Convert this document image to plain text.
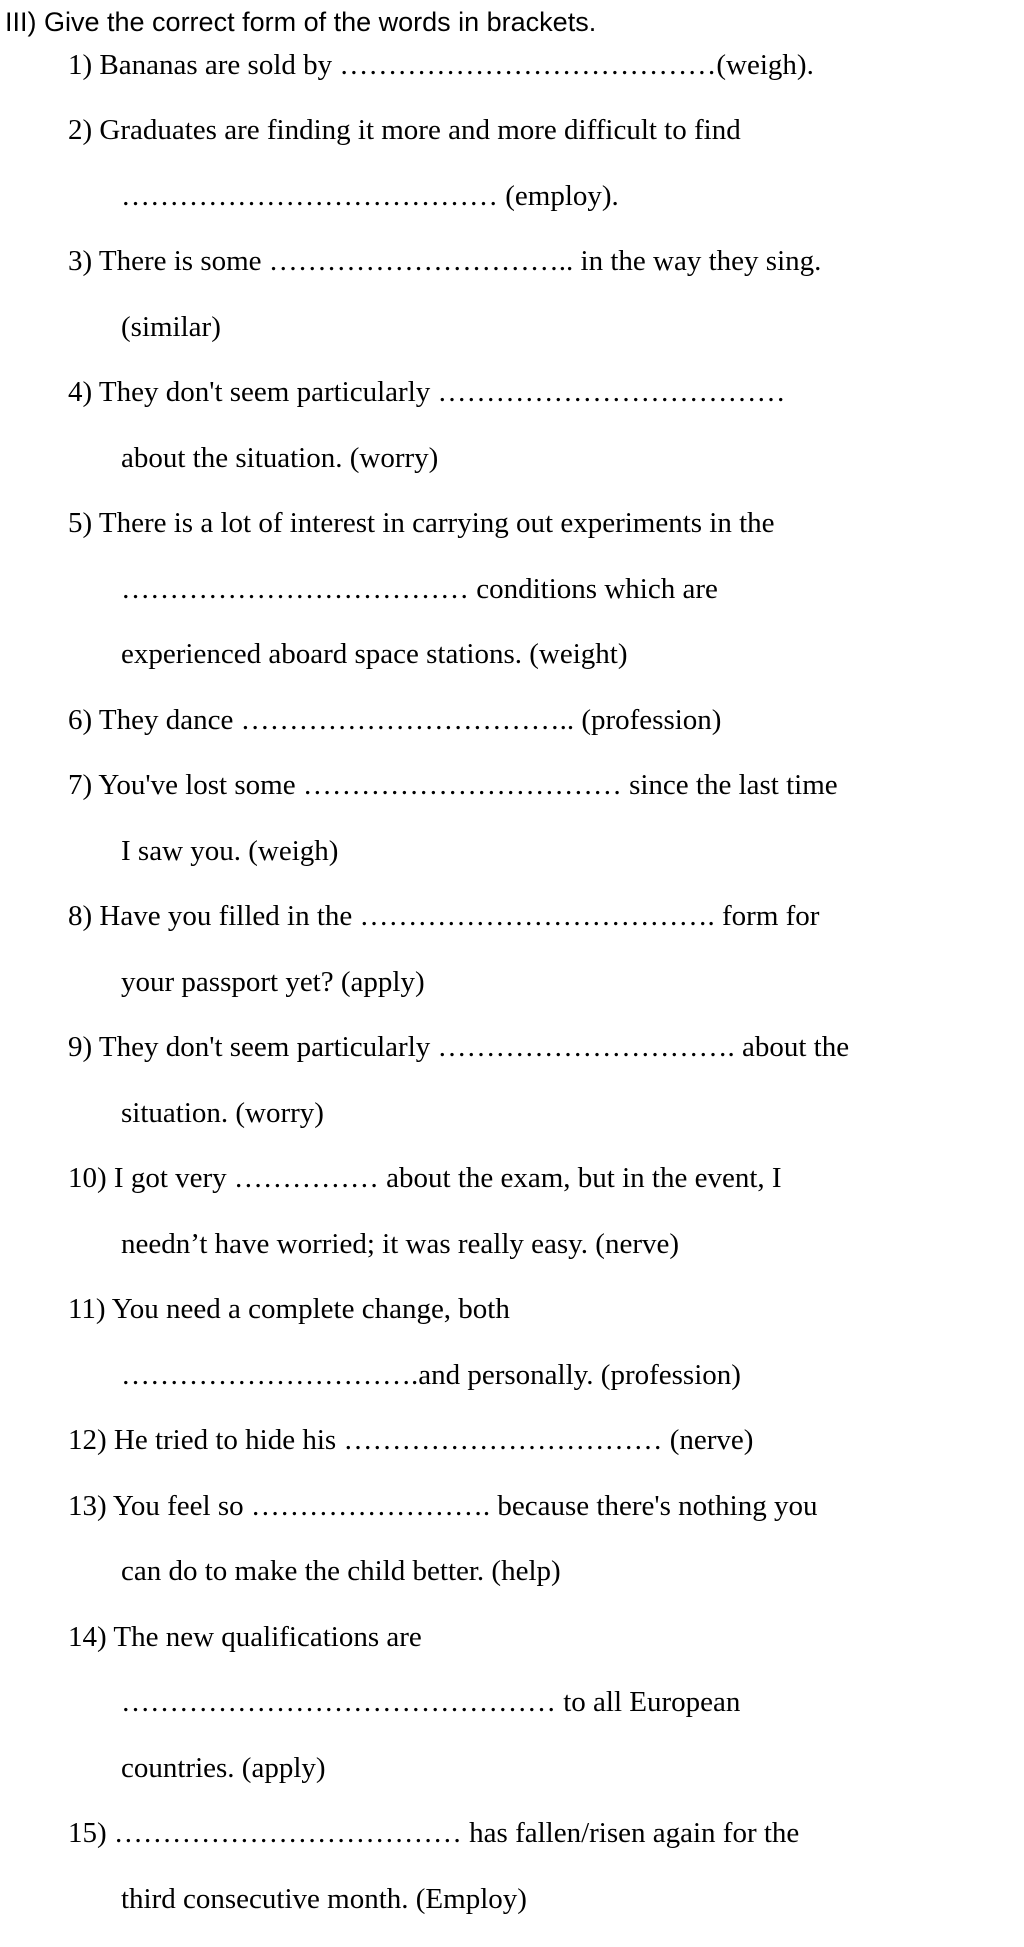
III) Give the correct form of the words in brackets.
1) Bananas are sold by …………………………………(weigh).
2) Graduates are finding it more and more difficult to find
………………………………… (employ).
3) There is some ………………………….. in the way they sing.
(similar)
4) They don't seem particularly ………………………………
about the situation. (worry)
5) There is a lot of interest in carrying out experiments in the
……………………………… conditions which are
experienced aboard space stations. (weight)
6) They dance …………………………….. (profession)
7) You've lost some …………………………… since the last time
I saw you. (weigh)
8) Have you filled in the ………………………………. form for
your passport yet? (apply)
9) They don't seem particularly …………………………. about the
situation. (worry)
10) I got very …………… about the exam, but in the event, I
needn’t have worried; it was really easy. (nerve)
11) You need a complete change, both
………………………….and personally. (profession)
12) He tried to hide his …………………………… (nerve)
13) You feel so ……………………. because there's nothing you
can do to make the child better. (help)
14) The new qualifications are
……………………………………… to all European
countries. (apply)
15) ……………………………… has fallen/risen again for the
third consecutive month. (Employ)
